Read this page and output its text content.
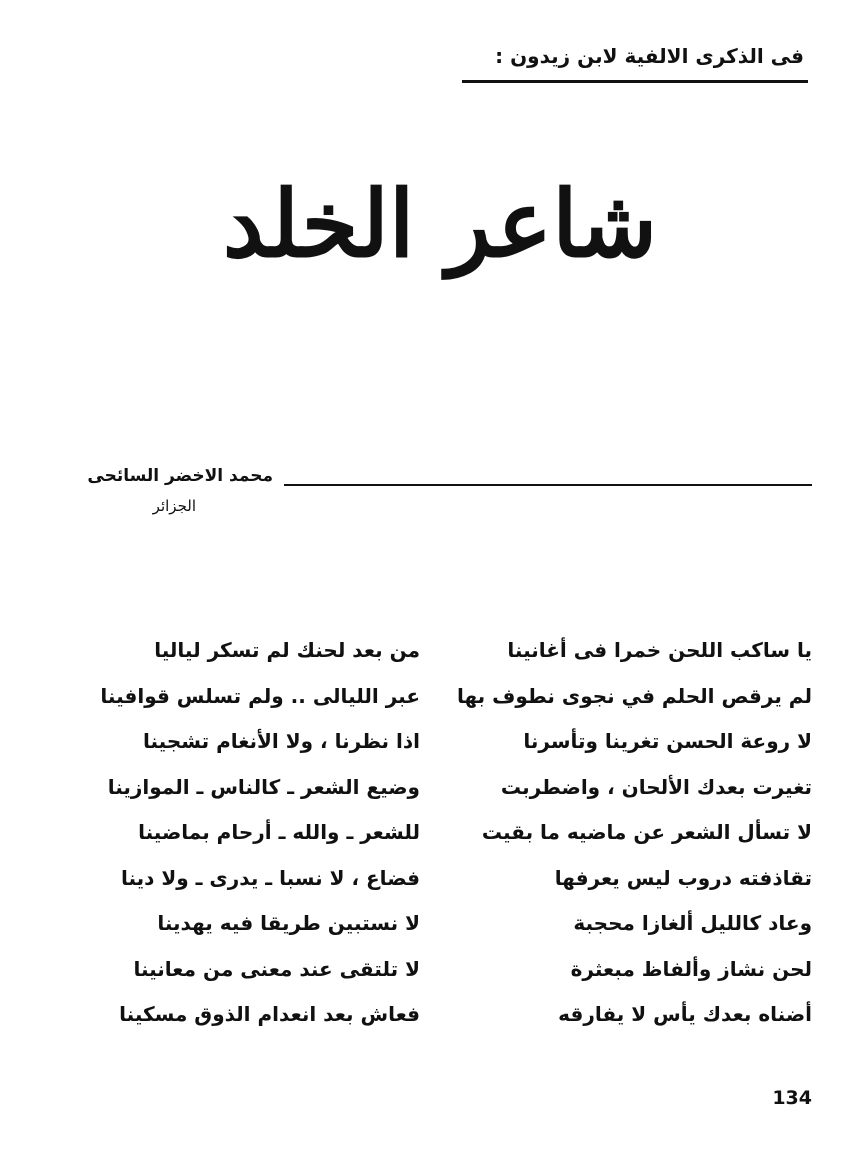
فى الذكرى الالفية لابن زيدون :
شاعر الخلد
محمد الاخضر السائحى
الجزائر
يا ساكب اللحن خمرا فى أغانينا
لم يرقص الحلم في نجوى نطوف بها
لا روعة الحسن تغرينا وتأسرنا
تغيرت بعدك الألحان ، واضطربت
لا تسأل الشعر عن ماضيه ما بقيت
تقاذفته دروب ليس يعرفها
وعاد كالليل ألغازا محجبة
لحن نشاز وألفاظ مبعثرة
أضناه بعدك يأس لا يفارقه
من بعد لحنك لم تسكر لياليا
عبر الليالى .. ولم تسلس قوافينا
اذا نظرنا ، ولا الأنغام تشجينا
وضيع الشعر ـ كالناس ـ الموازينا
للشعر ـ والله ـ أرحام بماضينا
فضاع ، لا نسبا ـ يدرى ـ ولا دينا
لا نستبين طريقا فيه يهدينا
لا تلتقى عند معنى من معانينا
فعاش بعد انعدام الذوق مسكينا
134
